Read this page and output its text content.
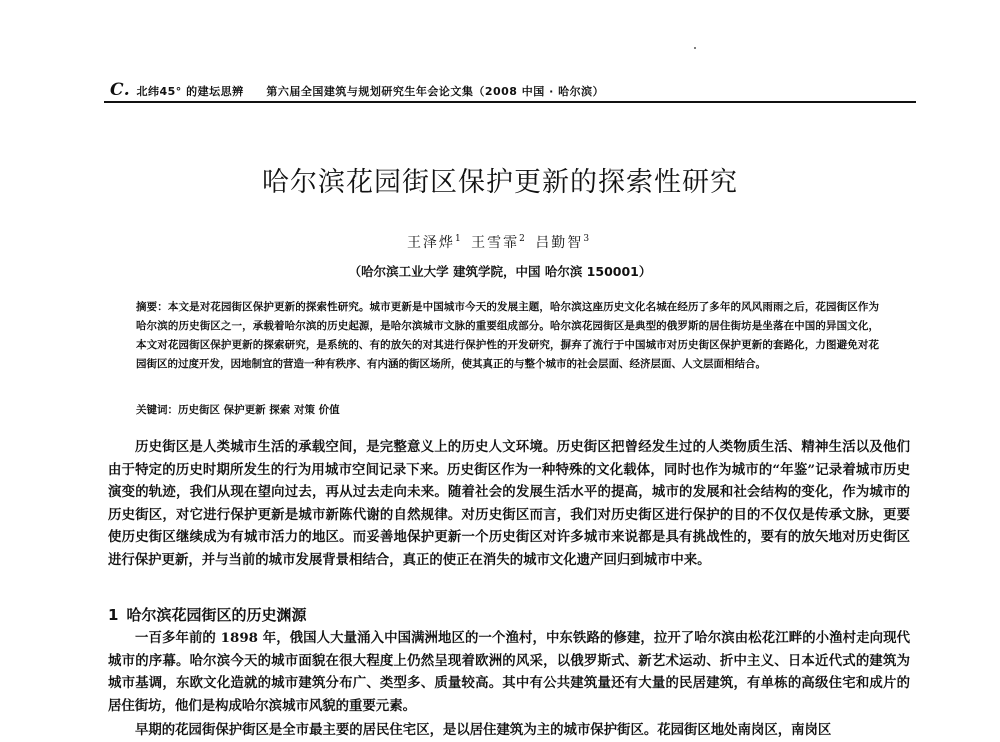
C. 北纬45° 的建坛思辨 第六届全国建筑与规划研究生年会论文集（2008 中国 · 哈尔滨）
哈尔滨花园街区保护更新的探索性研究
王泽烨$^1$ 王雪霏$^2$ 吕勤智$^3$
（哈尔滨工业大学 建筑学院，中国 哈尔滨 150001）
摘要：本文是对花园街区保护更新的探索性研究。城市更新是中国城市今天的发展主题，哈尔滨这座历史文化名城在经历了多年的风风雨雨之后，花园街区作为哈尔滨的历史街区之一，承载着哈尔滨的历史起源，是哈尔滨城市文脉的重要组成部分。哈尔滨花园街区是典型的俄罗斯的居住街坊是坐落在中国的异国文化，本文对花园街区保护更新的探索研究，是系统的、有的放矢的对其进行保护性的开发研究，摒弃了流行于中国城市对历史街区保护更新的套路化，力图避免对花园街区的过度开发，因地制宜的营造一种有秩序、有内涵的街区场所，使其真正的与整个城市的社会层面、经济层面、人文层面相结合。
关键词：历史街区 保护更新 探索 对策 价值
历史街区是人类城市生活的承载空间，是完整意义上的历史人文环境。历史街区把曾经发生过的人类物质生活、精神生活以及他们由于特定的历史时期所发生的行为用城市空间记录下来。历史街区作为一种特殊的文化载体，同时也作为城市的“年鉴”记录着城市历史演变的轨迹，我们从现在望向过去，再从过去走向未来。随着社会的发展生活水平的提高，城市的发展和社会结构的变化，作为城市的历史街区，对它进行保护更新是城市新陈代谢的自然规律。对历史街区而言，我们对历史街区进行保护的目的不仅仅是传承文脉，更要使历史街区继续成为有城市活力的地区。而妥善地保护更新一个历史街区对许多城市来说都是具有挑战性的，要有的放矢地对历史街区进行保护更新，并与当前的城市发展背景相结合，真正的使正在消失的城市文化遗产回归到城市中来。
1 哈尔滨花园街区的历史渊源
一百多年前的 1898 年，俄国人大量涌入中国满洲地区的一个渔村，中东铁路的修建，拉开了哈尔滨由松花江畔的小渔村走向现代城市的序幕。哈尔滨今天的城市面貌在很大程度上仍然呈现着欧洲的风采，以俄罗斯式、新艺术运动、折中主义、日本近代式的建筑为城市基调，东欧文化造就的城市建筑分布广、类型多、质量较高。其中有公共建筑量还有大量的民居建筑，有单栋的高级住宅和成片的居住街坊，他们是构成哈尔滨城市风貌的重要元素。
早期的花园街保护街区是全市最主要的居民住宅区，是以居住建筑为主的城市保护街区。花园街区地处南岗区，南岗区
